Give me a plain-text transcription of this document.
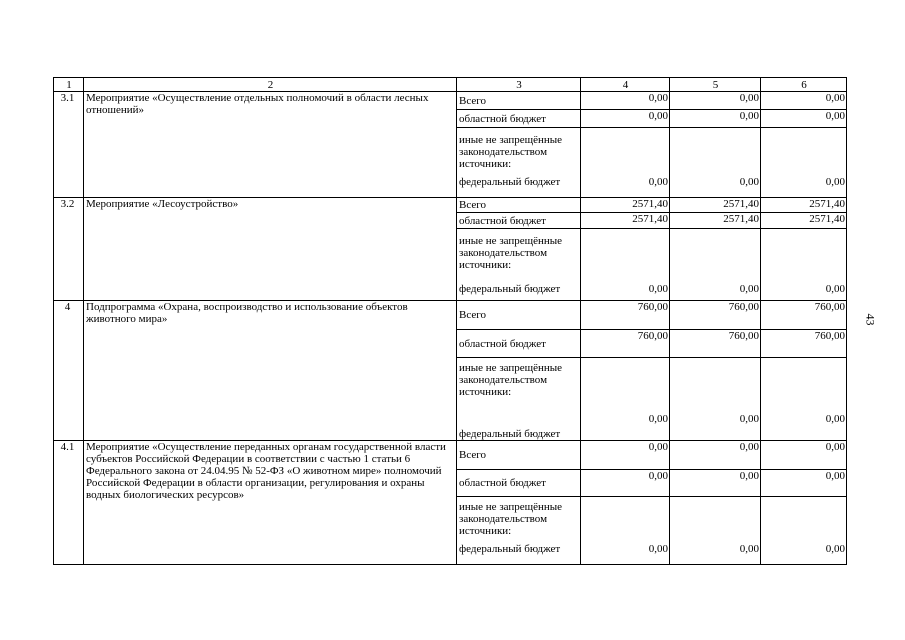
1	2	3	4	5	6
3.1	Мероприятие «Осуществление отдельных полномочий в области лесных отношений»	Всего	0,00	0,00	0,00
		областной бюджет	0,00	0,00	0,00
		иные не запрещённые законодательством источники:			
		федеральный бюджет	0,00	0,00	0,00
3.2	Мероприятие «Лесоустройство»	Всего	2571,40	2571,40	2571,40
		областной бюджет	2571,40	2571,40	2571,40
		иные не запрещённые законодательством источники:			
		федеральный бюджет	0,00	0,00	0,00
4	Подпрограмма «Охрана, воспроизводство и использование объектов животного мира»	Всего	760,00	760,00	760,00
		областной бюджет	760,00	760,00	760,00
		иные не запрещённые законодательством источники:			
		федеральный бюджет	0,00	0,00	0,00
4.1	Мероприятие «Осуществление переданных органам государственной власти субъектов Российской Федерации в соответствии с частью 1 статьи 6 Федерального закона от 24.04.95 № 52-ФЗ «О животном мире» полномочий Российской Федерации в области организации, регулирования и охраны водных биологических ресурсов»	Всего	0,00	0,00	0,00
		областной бюджет	0,00	0,00	0,00
		иные не запрещённые законодательством источники:			
		федеральный бюджет	0,00	0,00	0,00
43
